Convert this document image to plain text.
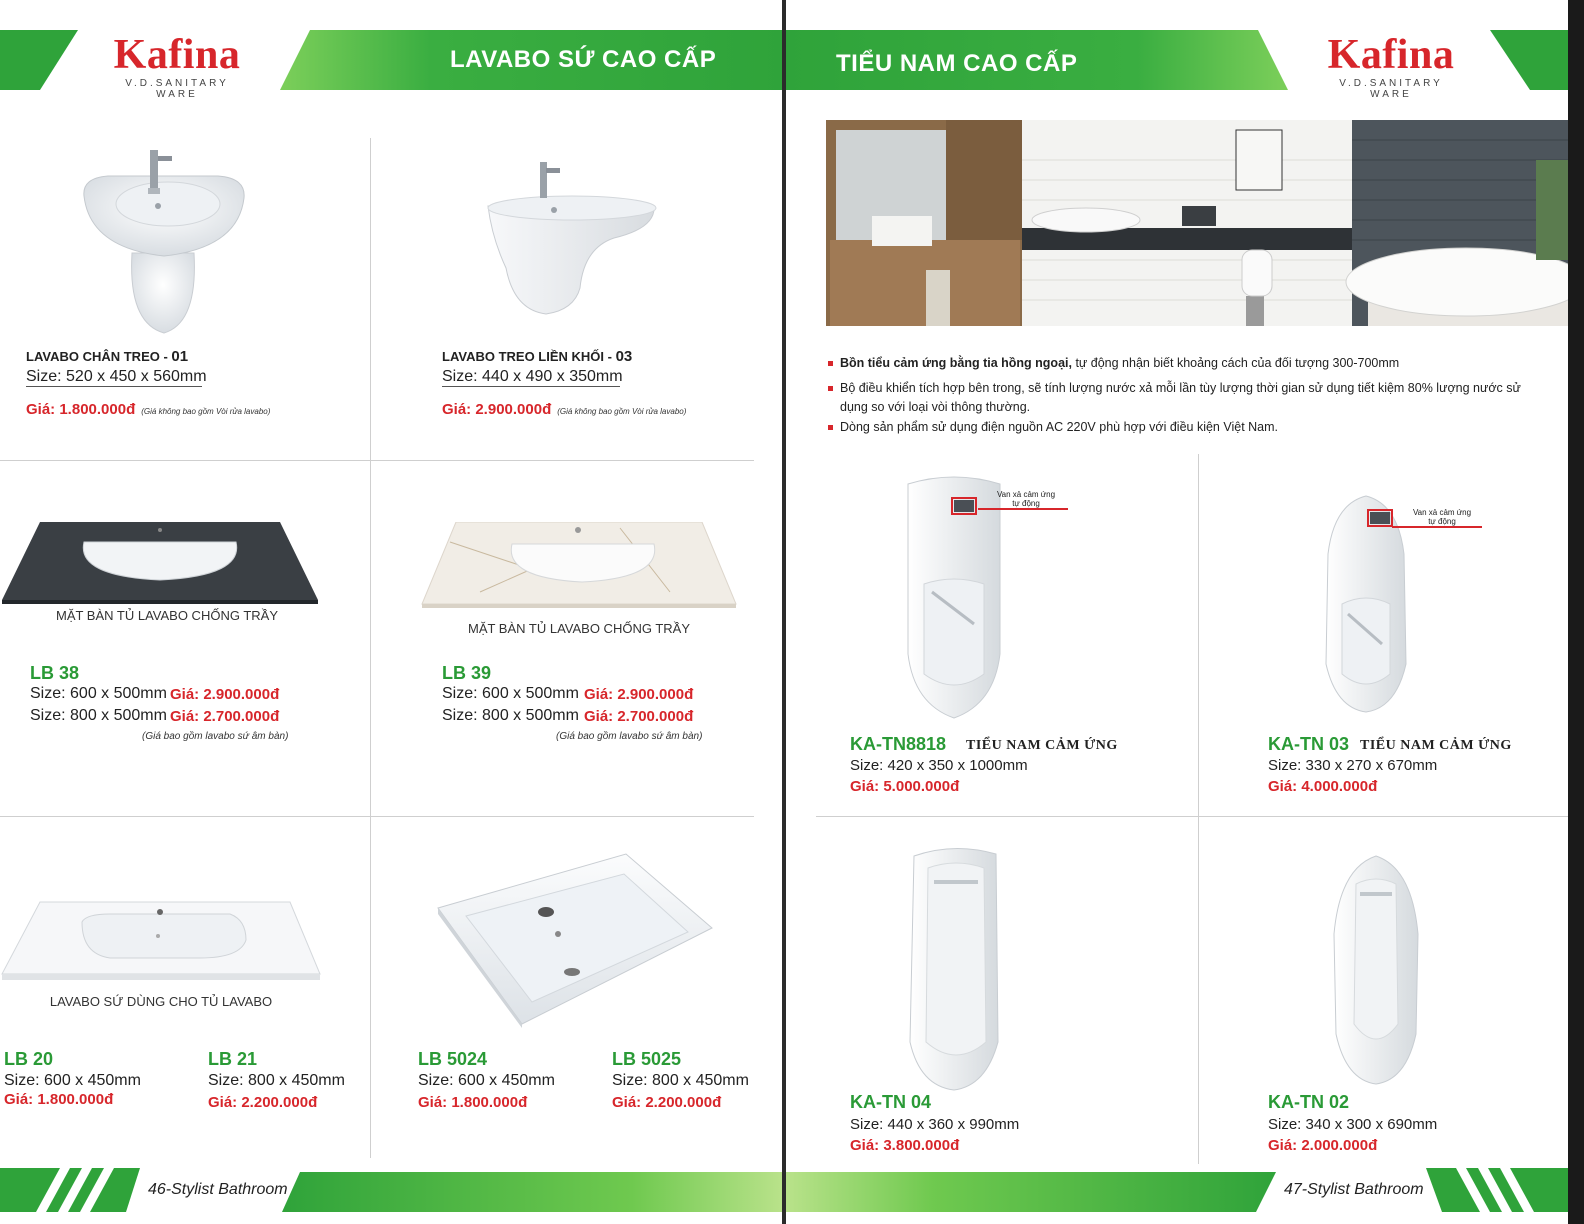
LAVABO SỨ CAO CẤP
Kafina
V.D.SANITARY WARE
LAVABO CHÂN TREO - 01
Size: 520 x 450 x 560mm
Giá: 1.800.000đ (Giá không bao gồm Vòi rửa lavabo)
LAVABO TREO LIỀN KHỐI - 03
Size: 440 x 490 x 350mm
Giá: 2.900.000đ (Giá không bao gồm Vòi rửa lavabo)
MẶT BÀN TỦ LAVABO CHỐNG TRẦY
LB 38
Size: 600 x 500mm Giá: 2.900.000đ
Size: 800 x 500mm Giá: 2.700.000đ
(Giá bao gồm lavabo sứ âm bàn)
MẶT BÀN TỦ LAVABO CHỐNG TRẦY
LB 39
Size: 600 x 500mm Giá: 2.900.000đ
Size: 800 x 500mm Giá: 2.700.000đ
(Giá bao gồm lavabo sứ âm bàn)
LAVABO SỨ DÙNG CHO TỦ LAVABO
LB 20
Size: 600 x 450mm
Giá: 1.800.000đ
LB 21
Size: 800 x 450mm
Giá: 2.200.000đ
LB 5024
Size: 600 x 450mm
Giá: 1.800.000đ
LB 5025
Size: 800 x 450mm
Giá: 2.200.000đ
46-Stylist Bathroom
TIỂU NAM CAO CẤP	Kafina
V.D.SANITARY WARE
Bồn tiểu cảm ứng bằng tia hồng ngoại, tự động nhận biết khoảng cách của đối tượng 300-700mm
Bộ điều khiển tích hợp bên trong, sẽ tính lượng nước xả mỗi lần tùy lượng thời gian sử dụng tiết kiệm 80% lượng nước sử dụng so với loại vòi thông thường.
Dòng sản phẩm sử dụng điện nguồn AC 220V phù hợp với điều kiện Việt Nam.
Van xả cảm ứng tự động
KA-TN8818 TIỂU NAM CẢM ỨNG
Size: 420 x 350 x 1000mm
Giá: 5.000.000đ
Van xả cảm ứng tự động
KA-TN 03 TIỂU NAM CẢM ỨNG
Size: 330 x 270 x 670mm
Giá: 4.000.000đ
KA-TN 04
Size: 440 x 360 x 990mm
Giá: 3.800.000đ
KA-TN 02
Size: 340 x 300 x 690mm
Giá: 2.000.000đ
47-Stylist Bathroom
